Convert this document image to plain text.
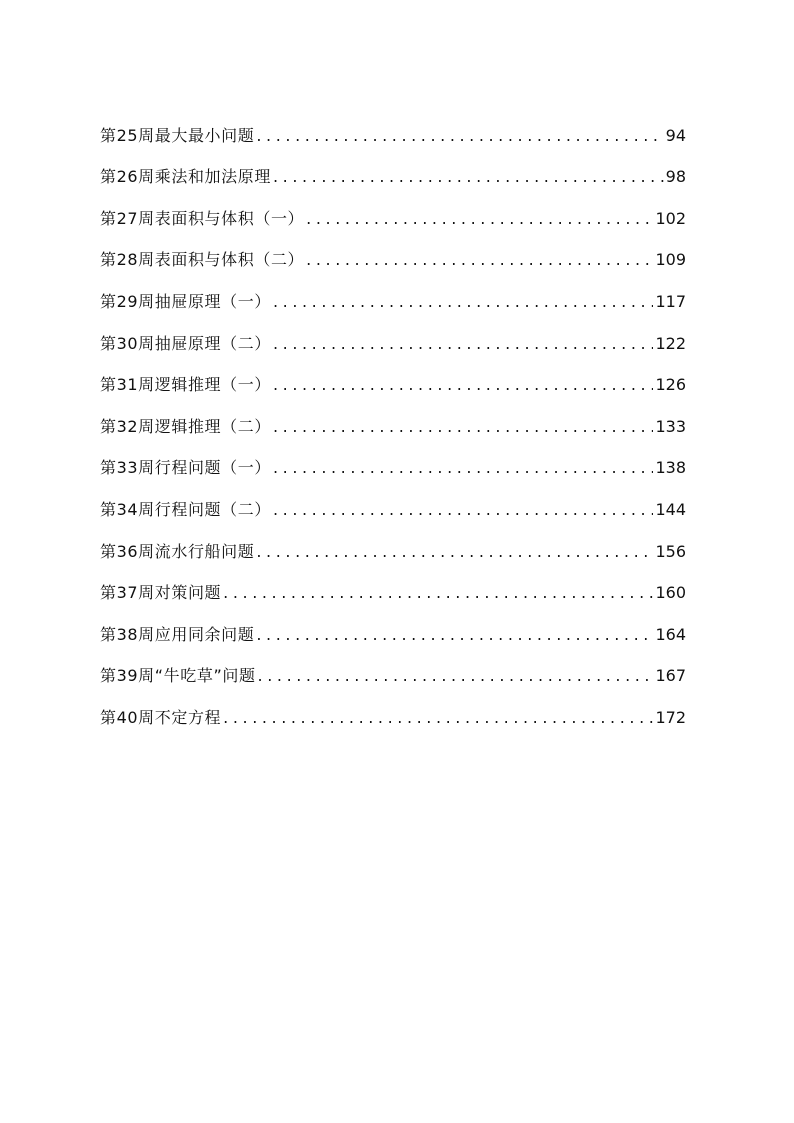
第25周最大最小问题 . . .	94
第26周乘法和加法原理 . . .	98
第27周表面积与体积（一） . . .	102
第28周表面积与体积（二） . . .	109
第29周抽屉原理（一） . . .	117
第30周抽屉原理（二） . . .	122
第31周逻辑推理（一） . . .	126
第32周逻辑推理（二） . . .	133
第33周行程问题（一） . . .	138
第34周行程问题（二） . . .	144
第36周流水行船问题 . . .	156
第37周对策问题 . . .	160
第38周应用同余问题 . . .	164
第39周“牛吃草”问题 . . .	167
第40周不定方程 . . .	172
